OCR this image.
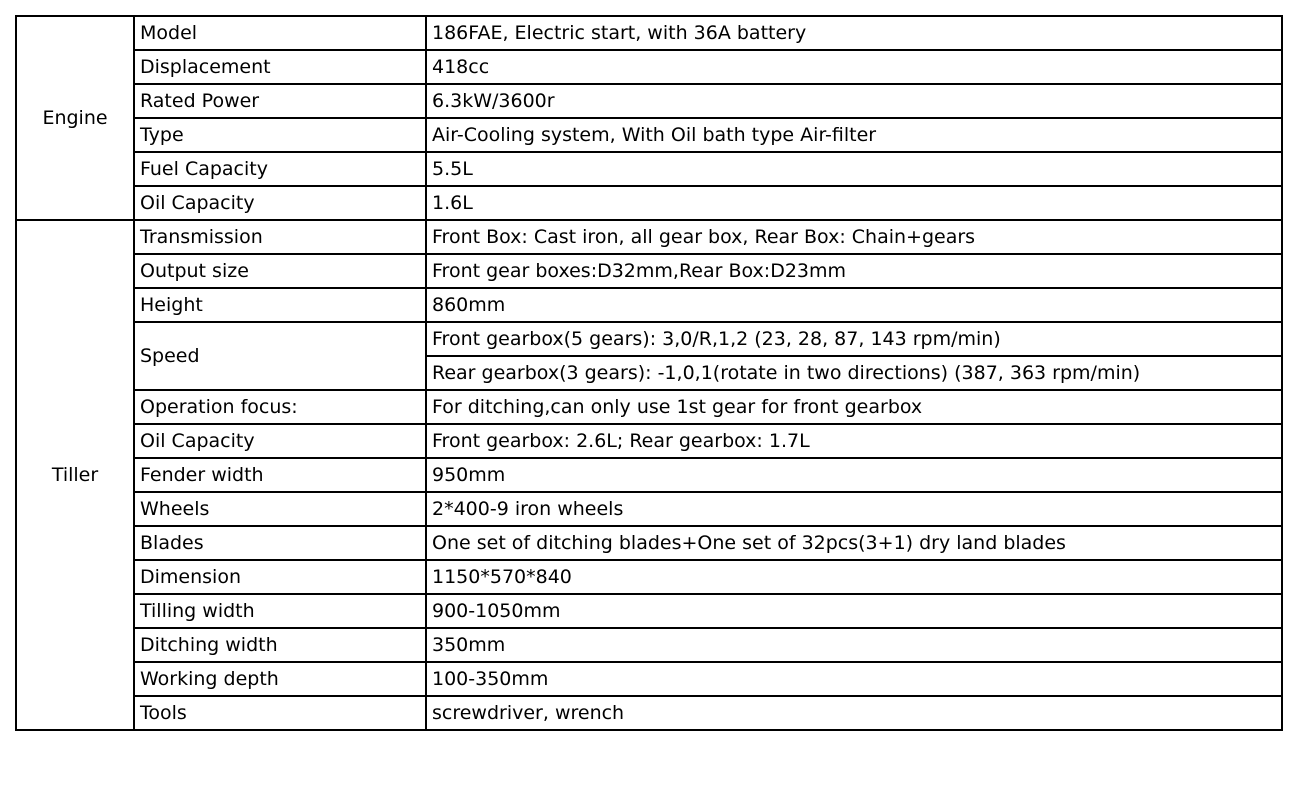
Engine	Model	186FAE, Electric start, with 36A battery
	Displacement	418cc
	Rated Power	6.3kW/3600r
	Type	Air-Cooling system, With Oil bath type Air-filter
	Fuel Capacity	5.5L
	Oil Capacity	1.6L
Tiller	Transmission	Front Box: Cast iron, all gear box, Rear Box: Chain+gears
	Output size	Front gear boxes:D32mm,Rear Box:D23mm
	Height	860mm
	Speed	Front gearbox(5 gears): 3,0/R,1,2 (23, 28, 87, 143 rpm/min)
		Rear gearbox(3 gears): -1,0,1(rotate in two directions) (387, 363 rpm/min)
	Operation focus:	For ditching,can only use 1st gear for front gearbox
	Oil Capacity	Front gearbox: 2.6L; Rear gearbox: 1.7L
	Fender width	950mm
	Wheels	2*400-9 iron wheels
	Blades	One set of ditching blades+One set of 32pcs(3+1) dry land blades
	Dimension	1150*570*840
	Tilling width	900-1050mm
	Ditching width	350mm
	Working depth	100-350mm
	Tools	screwdriver, wrench
